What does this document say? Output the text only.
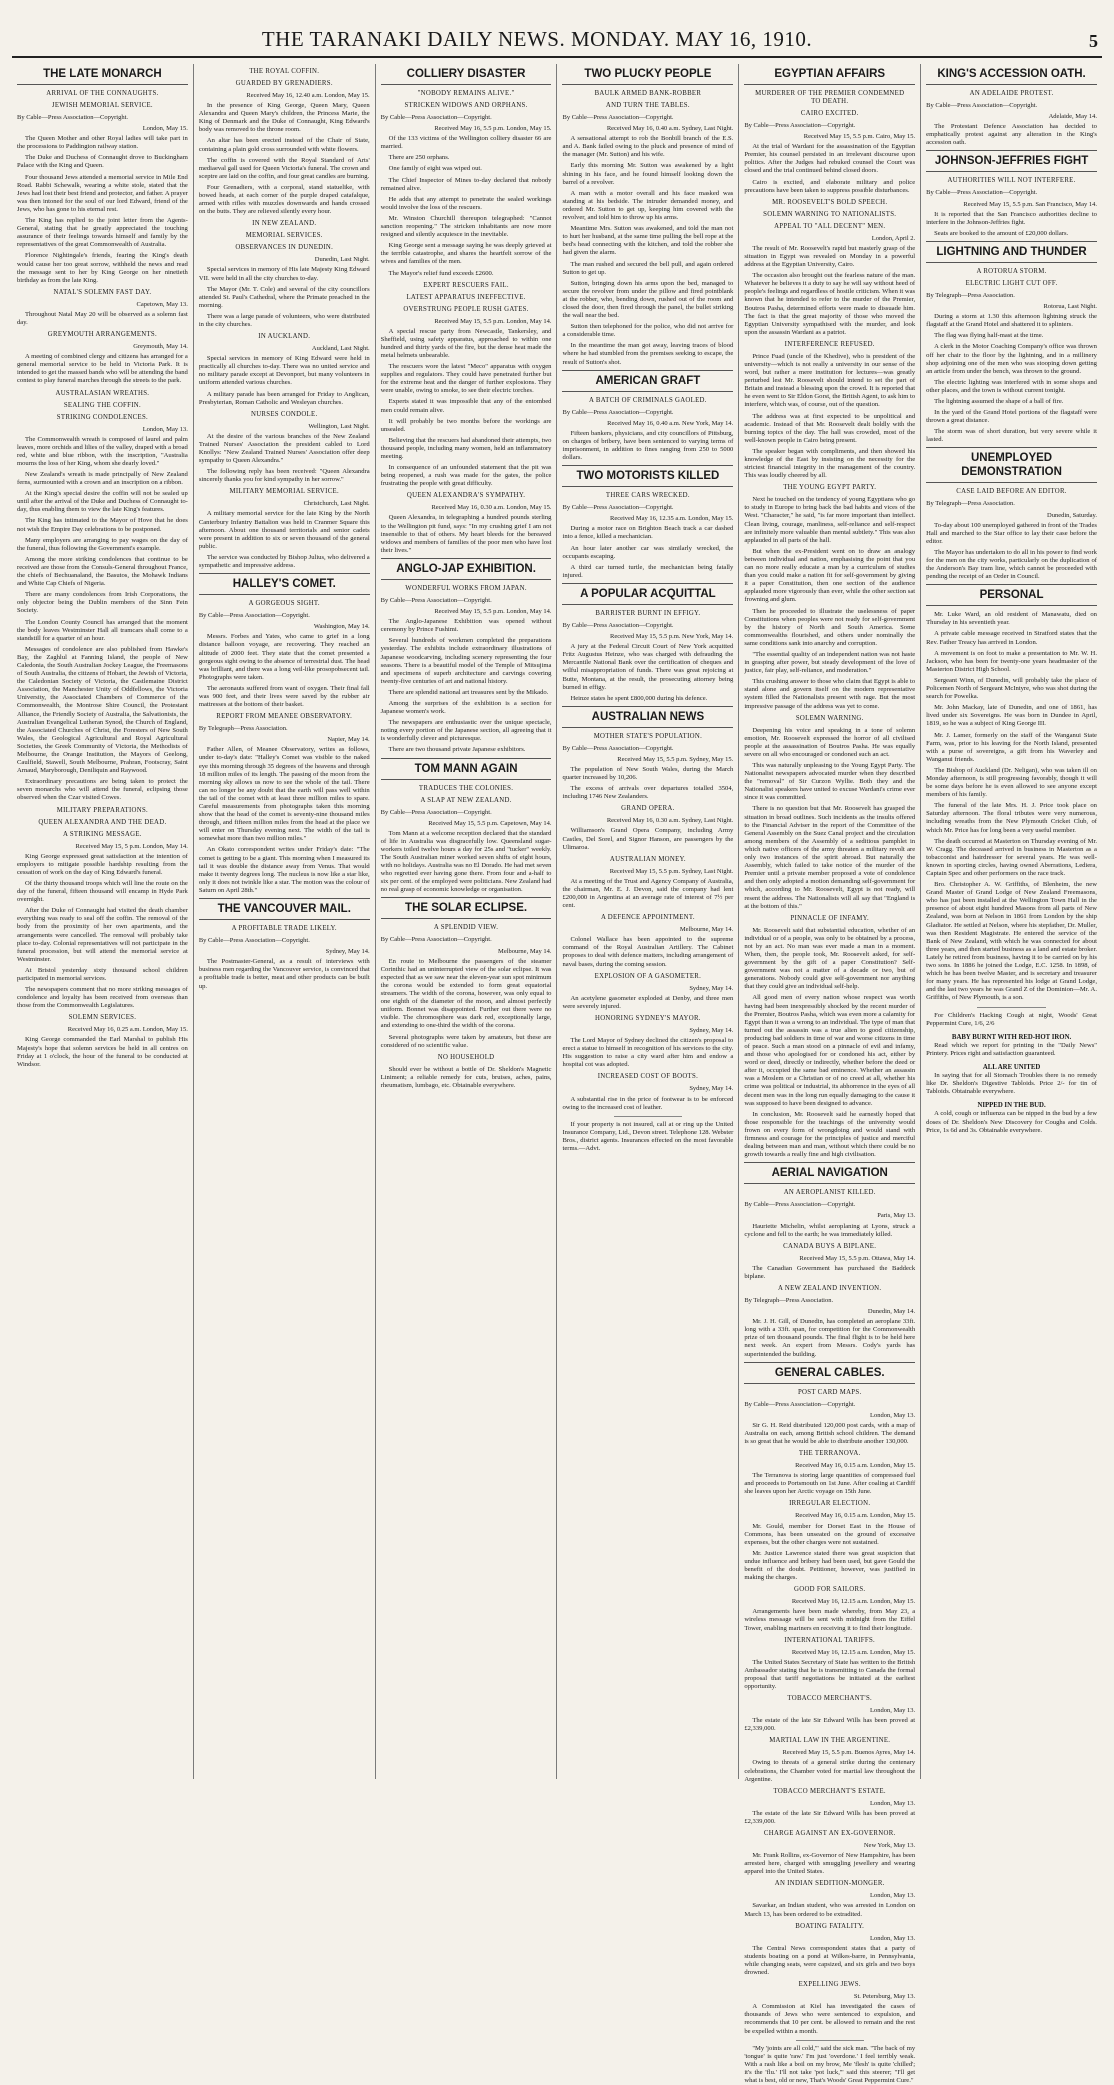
THE TARANAKI DAILY NEWS. MONDAY. MAY 16, 1910.	5
THE LATE MONARCH
ARRIVAL OF THE CONNAUGHTS.
JEWISH MEMORIAL SERVICE.
By Cable—Press Association—Copyright.
London, May 15.

The Queen Mother and other Royal ladies will take part in the processions to Paddington railway station.

The Duke and Duchess of Connaught drove to Buckingham Palace with the King and Queen.

Four thousand Jews attended a memorial service in Mile End Road. Rabbi Schewalk, wearing a white stole, stated that the Jews had lost their best friend and protector, and father. A prayer was then intoned for the soul of our lord Edward, friend of the Jews, who has gone to his eternal rest.

The King has replied to the joint letter from the Agents-General, stating that he greatly appreciated the touching assurance of their feelings towards himself and family by the representatives of the great Commonwealth of Australia.

Florence Nightingale's friends, fearing the King's death would cause her too great sorrow, withheld the news and read the message sent to her by King George on her ninetieth birthday as from the late King.

NATAL'S SOLEMN FAST DAY.
Capetown, May 13.

Throughout Natal May 20 will be observed as a solemn fast day.

GREYMOUTH ARRANGEMENTS.
Greymouth, May 14.

A meeting of combined clergy and citizens has arranged for a general memorial service to be held in Victoria Park. It is intended to get the massed bands who will be attending the band contest to play funeral marches through the streets to the park.

AUSTRALASIAN WREATHS.
SEALING THE COFFIN.
STRIKING CONDOLENCES.
London, May 13.

The Commonwealth wreath is composed of laurel and palm leaves, more orchids and lilies of the valley, draped with a broad red, white and blue ribbon, with the inscription, "Australia mourns the loss of her King, whom she dearly loved."

New Zealand's wreath is made principally of New Zealand ferns, surmounted with a crown and an inscription on a ribbon.

At the King's special desire the coffin will not be sealed up until after the arrival of the Duke and Duchess of Connaught to-day, thus enabling them to view the late King's features.

The King has intimated to the Mayor of Hove that he does not wish the Empire Day celebrations to be postponed.

Many employers are arranging to pay wages on the day of the funeral, thus following the Government's example.

Among the more striking condolences that continue to be received are those from the Consuls-General throughout France, the chiefs of Bechuanaland, the Basutos, the Mohawk Indians and White Cap Chiefs of Nigeria.

There are many condolences from Irish Corporations, the only objector being the Dublin members of the Sinn Fein Society.

The London County Council has arranged that the moment the body leaves Westminster Hall all tramcars shall come to a standstill for a quarter of an hour.

Messages of condolence are also published from Hawke's Bay, the Zaghlul at Fanning Island, the people of New Caledonia, the South Australian Jockey League, the Freemasons of South Australia, the citizens of Hobart, the Jewish of Victoria, the Caledonian Society of Victoria, the Castlemaine District Association, the Manchester Unity of Oddfellows, the Victoria University, the Associated Chambers of Commerce of the Commonwealth, the Montrose Shire Council, the Protestant Alliance, the Friendly Society of Australia, the Salvationists, the Australian Evangelical Lutheran Synod, the Church of England, the Associated Churches of Christ, the Foresters of New South Wales, the Geological Agricultural and Royal Agricultural Societies, the Greek Community of Victoria, the Methodists of Melbourne, the Orange Institution, the Mayors of Geelong, Caulfield, Stawell, South Melbourne, Prahran, Footscray, Saint Arnaud, Maryborough, Deniliquin and Raywood.

Extraordinary precautions are being taken to protect the seven monarchs who will attend the funeral, eclipsing those observed when the Czar visited Cowes.

MILITARY PREPARATIONS.
QUEEN ALEXANDRA AND THE DEAD.
A STRIKING MESSAGE.
Received May 15, 5 p.m. London, May 14.

King George expressed great satisfaction at the intention of employers to mitigate possible hardship resulting from the cessation of work on the day of King Edward's funeral.

Of the thirty thousand troops which will line the route on the day of the funeral, fifteen thousand will encamp in Hyde Park overnight.

After the Duke of Connaught had visited the death chamber everything was ready to seal off the coffin. The removal of the body from the proximity of her own apartments, and the arrangements were cancelled. The removal will probably take place to-day. Colonial representatives will not participate in the funeral procession, but will attend the memorial service at Westminster.

At Bristol yesterday sixty thousand school children participated in memorial services.

The newspapers comment that no more striking messages of condolence and loyalty has been received from overseas than those from the Commonwealth Legislatures.

SOLEMN SERVICES.
Received May 16, 0.25 a.m. London, May 15.

King George commanded the Earl Marshal to publish His Majesty's hope that solemn services be held in all centres on Friday at 1 o'clock, the hour of the funeral to be conducted at Windsor.

THE ROYAL COFFIN.
GUARDED BY GRENADIERS.
Received May 16, 12.40 a.m. London, May 15.

In the presence of King George, Queen Mary, Queen Alexandra and Queen Mary's children, the Princess Marie, the King of Denmark and the Duke of Connaught, King Edward's body was removed to the throne room.

An altar has been erected instead of the Chair of State, containing a plain gold cross surrounded with white flowers.

The coffin is covered with the Royal Standard of Arts' mediaeval gall used for Queen Victoria's funeral. The crown and sceptre are laid on the coffin, and four great candles are burning.

Four Grenadiers, with a corporal, stand statuelike, with bowed heads, at each corner of the purple draped catafalque, armed with rifles with muzzles downwards and hands crossed on the butts. They are relieved silently every hour.

IN NEW ZEALAND.
MEMORIAL SERVICES.
OBSERVANCES IN DUNEDIN.
Dunedin, Last Night.

Special services in memory of His late Majesty King Edward VII. were held in all the city churches to-day.

The Mayor (Mr. T. Cole) and several of the city councillors attended St. Paul's Cathedral, where the Primate preached in the morning.

There was a large parade of volunteers, who were distributed in the city churches.

IN AUCKLAND.
Auckland, Last Night.

Special services in memory of King Edward were held in practically all churches to-day. There was no united service and no military parade except at Devonport, but many volunteers in uniform attended various churches.

A military parade has been arranged for Friday to Anglican, Presbyterian, Roman Catholic and Wesleyan churches.

NURSES CONDOLE.
Wellington, Last Night.

At the desire of the various branches of the New Zealand Trained Nurses' Association the president cabled to Lord Knollys: "New Zealand Trained Nurses' Association offer deep sympathy to Queen Alexandra."

The following reply has been received: "Queen Alexandra sincerely thanks you for kind sympathy in her sorrow."

MILITARY MEMORIAL SERVICE.
Christchurch, Last Night.

A military memorial service for the late King by the North Canterbury Infantry Battalion was held in Cranmer Square this afternoon. About one thousand territorials and senior cadets were present in addition to six or seven thousand of the general public.

The service was conducted by Bishop Julius, who delivered a sympathetic and impressive address.

HALLEY'S COMET.
A GORGEOUS SIGHT.
By Cable—Press Association—Copyright.
Washington, May 14.

Messrs. Forbes and Yates, who came to grief in a long distance balloon voyage, are recovering. They reached an altitude of 2000 feet. They state that the comet presented a gorgeous sight owing to the absence of terrestrial dust. The head was brilliant, and there was a long veil-like prosopobsecent tail. Photographs were taken.

The aeronauts suffered from want of oxygen. Their final fall was 900 feet, and their lives were saved by the rubber air mattresses at the bottom of their basket.

REPORT FROM MEANEE OBSERVATORY.
By Telegraph—Press Association.
Napier, May 14.

Father Allen, of Meanee Observatory, writes as follows, under to-day's date: "Halley's Comet was visible to the naked eye this morning through 35 degrees of the heavens and through 18 million miles of its length. The passing of the moon from the morning sky allows us now to see the whole of the tail. There can no longer be any doubt that the earth will pass well within the tail of the comet with at least three million miles to spare. Careful measurements from photographs taken this morning show that the head of the comet is seventy-nine thousand miles through, and fifteen million miles from the head at the place we will enter on Thursday evening next. The width of the tail is somewhat more than two million miles."

An Okato correspondent writes under Friday's date: "The comet is getting to be a giant. This morning when I measured its tail it was double the distance away from Venus. That would make it twenty degrees long. The nucleus is now like a star like, only it does not twinkle like a star. The motion was the colour of Saturn on April 28th."

THE VANCOUVER MAIL.
A PROFITABLE TRADE LIKELY.
By Cable—Press Association—Copyright.
Sydney, May 14.

The Postmaster-General, as a result of interviews with business men regarding the Vancouver service, is convinced that a profitable trade is better, meat and other products can be built up.

COLLIERY DISASTER
"NOBODY REMAINS ALIVE."
STRICKEN WIDOWS AND ORPHANS.
By Cable—Press Association—Copyright.
Received May 16, 5.5 p.m. London, May 15.

Of the 133 victims of the Wellington colliery disaster 66 are married.

There are 250 orphans.

One family of eight was wiped out.

The Chief Inspector of Mines to-day declared that nobody remained alive.

He adds that any attempt to penetrate the sealed workings would involve the loss of the rescuers.

Mr. Winston Churchill thereupon telegraphed: "Cannot sanction reopening." The stricken inhabitants are now more resigned and silently acquiesce in the inevitable.

King George sent a message saying he was deeply grieved at the terrible catastrophe, and shares the heartfelt sorrow of the wives and families of the men.

The Mayor's relief fund exceeds £2600.

EXPERT RESCUERS FAIL.
LATEST APPARATUS INEFFECTIVE.
OVERSTRUNG PEOPLE RUSH GATES.
Received May 15, 5.5 p.m. London, May 14.

A special rescue party from Newcastle, Tankersley, and Sheffield, using safety apparatus, approached to within one hundred and thirty yards of the fire, but the dense heat made the metal helmets unbearable.

The rescuers wore the latest "Meco" apparatus with oxygen supplies and regulators. They could have penetrated further but for the extreme heat and the danger of further explosions. They were unable, owing to smoke, to see their electric torches.

Experts stated it was impossible that any of the entombed men could remain alive.

It will probably be two months before the workings are unsealed.

Believing that the rescuers had abandoned their attempts, two thousand people, including many women, held an inflammatory meeting.

In consequence of an unfounded statement that the pit was being reopened, a rush was made for the gates, the police frustrating the people with great difficulty.

QUEEN ALEXANDRA'S SYMPATHY.
Received May 16, 0.30 a.m. London, May 15.

Queen Alexandra, in telegraphing a hundred pounds sterling to the Wellington pit fund, says: "In my crushing grief I am not insensible to that of others. My heart bleeds for the bereaved widows and members of families of the poor men who have lost their lives."

ANGLO-JAP EXHIBITION.
WONDERFUL WORKS FROM JAPAN.
By Cable—Press Association—Copyright.
Received May 15, 5.5 p.m. London, May 14.

The Anglo-Japanese Exhibition was opened without ceremony by Prince Fushimi.

Several hundreds of workmen completed the preparations yesterday. The exhibits include extraordinary illustrations of Japanese woodcarving, including scenery representing the four seasons. There is a beautiful model of the Temple of Mitsujima and specimens of superb architecture and carvings covering twenty-five centuries of art and national history.

There are splendid national art treasures sent by the Mikado.

Among the surprises of the exhibition is a section for Japanese women's work.

The newspapers are enthusiastic over the unique spectacle, noting every portion of the Japanese section, all agreeing that it is wonderfully clever and picturesque.

There are two thousand private Japanese exhibitors.

TOM MANN AGAIN
TRADUCES THE COLONIES.
A SLAP AT NEW ZEALAND.
By Cable—Press Association—Copyright.
Received May 15, 5.5 p.m. Capetown, May 14.

Tom Mann at a welcome reception declared that the standard of life in Australia was disgracefully low. Queensland sugar-workers toiled twelve hours a day for 25s and "tucker" weekly. The South Australian miner worked seven shifts of eight hours, with no holidays. Australia was no El Dorado. He had met seven who regretted ever having gone there. From four and a-half to six per cent. of the employed were politicians. New Zealand had no real grasp of economic knowledge or organisation.

THE SOLAR ECLIPSE.
A SPLENDID VIEW.
By Cable—Press Association—Copyright.
Melbourne, May 14.

En route to Melbourne the passengers of the steamer Corinthic had an uninterrupted view of the solar eclipse. It was expected that as we saw near the eleven-year sun spot minimum the corona would be extended to form great equatorial streamers. The width of the corona, however, was only equal to one eighth of the diameter of the moon, and almost perfectly uniform. Bonnet was disappointed. Further out there were no visible. The chromosphere was dark red, exceptionally large, and extending to one-third the width of the corona.

Several photographs were taken by amateurs, but these are considered of no scientific value.

NO HOUSEHOLD

Should ever be without a bottle of Dr. Sheldon's Magnetic Liniment; a reliable remedy for cuts, bruises, aches, pains, rheumatism, lumbago, etc. Obtainable everywhere.

TWO PLUCKY PEOPLE
BAULK ARMED BANK-ROBBER
AND TURN THE TABLES.
By Cable—Press Association—Copyright.
Received May 16, 0.40 a.m. Sydney, Last Night.

A sensational attempt to rob the Bonbill branch of the E.S. and A. Bank failed owing to the pluck and presence of mind of the manager (Mr. Sutton) and his wife.

Early this morning Mr. Sutton was awakened by a light shining in his face, and he found himself looking down the barrel of a revolver.

A man with a motor overall and his face masked was standing at his bedside. The intruder demanded money, and ordered Mr. Sutton to get up, keeping him covered with the revolver, and told him to throw up his arms.

Meantime Mrs. Sutton was awakened, and told the man not to hurt her husband, at the same time pulling the bell rope at the bed's head connecting with the kitchen, and told the robber she had given the alarm.

The man rushed and secured the bell pull, and again ordered Sutton to get up.

Sutton, bringing down his arms upon the bed, managed to secure the revolver from under the pillow and fired pointblank at the robber, who, bending down, rushed out of the room and closed the door, then fired through the panel, the bullet striking the wall near the bed.

Sutton then telephoned for the police, who did not arrive for a considerable time.

In the meantime the man got away, leaving traces of blood where he had stumbled from the premises seeking to escape, the result of Sutton's shot.

AMERICAN GRAFT
A BATCH OF CRIMINALS GAOLED.
By Cable—Press Association—Copyright.
Received May 16, 0.40 a.m. New York, May 14.

Fifteen bankers, physicians, and city councillors of Pittsburg, on charges of bribery, have been sentenced to varying terms of imprisonment, in addition to fines ranging from 250 to 5000 dollars.

TWO MOTORISTS KILLED
THREE CARS WRECKED.
By Cable—Press Association—Copyright.
Received May 16, 12.35 a.m. London, May 15.

During a motor race on Brighton Beach track a car dashed into a fence, killed a mechanician.

An hour later another car was similarly wrecked, the occupants escaping.

A third car turned turtle, the mechanician being fatally injured.

A POPULAR ACQUITTAL
BARRISTER BURNT IN EFFIGY.
By Cable—Press Association—Copyright.
Received May 15, 5.5 p.m. New York, May 14.

A jury at the Federal Circuit Court of New York acquitted Fritz Augustus Heinze, who was charged with defrauding the Mercantile National Bank over the certification of cheques and wilful misappropriation of funds. There was great rejoicing at Butte, Montana, at the result, the prosecuting attorney being burned in effigy.

Heinze states he spent £800,000 during his defence.

AUSTRALIAN NEWS
MOTHER STATE'S POPULATION.
By Cable—Press Association—Copyright.
Received May 15, 5.5 p.m. Sydney, May 15.

The population of New South Wales, during the March quarter increased by 10,206.

The excess of arrivals over departures totalled 3504, including 1746 New Zealanders.

GRAND OPERA.
Received May 16, 0.30 a.m. Sydney, Last Night.

Williamson's Grand Opera Company, including Army Castles, Del Sorel, and Signor Hanson, are passengers by the Ulimaroa.

AUSTRALIAN MONEY.
Received May 15, 5.5 p.m. Sydney, Last Night.

At a meeting of the Trust and Agency Company of Australia, the chairman, Mr. E. J. Devon, said the company had lent £200,000 in Argentina at an average rate of interest of 7½ per cent.

A DEFENCE APPOINTMENT.
Melbourne, May 14.

Colonel Wallace has been appointed to the supreme command of the Royal Australian Artillery. The Cabinet proposes to deal with defence matters, including arrangement of naval bases, during the coming session.

EXPLOSION OF A GASOMETER.
Sydney, May 14.

An acetylene gasometer exploded at Denby, and three men were severely injured.

HONORING SYDNEY'S MAYOR.
Sydney, May 14.

The Lord Mayor of Sydney declined the citizen's proposal to erect a statue to himself in recognition of his services to the city. His suggestion to raise a city ward after him and endow a hospital cot was adopted.

INCREASED COST OF BOOTS.
Sydney, May 14.

A substantial rise in the price of footwear is to be enforced owing to the increased cost of leather.

If your property is not insured, call at or ring up the United Insurance Company, Ltd., Devon street. Telephone 128. Webster Bros., district agents. Insurances effected on the most favorable terms.—Advt.

EGYPTIAN AFFAIRS
MURDERER OF THE PREMIER CONDEMNED TO DEATH.
CAIRO EXCITED.
By Cable—Press Association—Copyright.
Received May 15, 5.5 p.m. Cairo, May 15.

At the trial of Wardani for the assassination of the Egyptian Premier, his counsel persisted in an irrelevant discourse upon politics. After the Judges had rebuked counsel the Court was closed and the trial continued behind closed doors.

Cairo is excited, and elaborate military and police precautions have been taken to suppress possible disturbances.

MR. ROOSEVELT'S BOLD SPEECH.
SOLEMN WARNING TO NATIONALISTS.
APPEAL TO "ALL DECENT" MEN.
London, April 2.

The result of Mr. Roosevelt's rapid but masterly grasp of the situation in Egypt was revealed on Monday in a powerful address at the Egyptian University, Cairo.

The occasion also brought out the fearless nature of the man. Whatever he believes it a duty to say he will say without heed of people's feelings and regardless of hostile criticism. When it was known that he intended to refer to the murder of the Premier, Boutros Pasha, determined efforts were made to dissuade him. The fact is that the great majority of those who moved the Egyptian University sympathised with the murder, and look upon the assassin Wardani as a patriot.

INTERFERENCE REFUSED.

Prince Fuad (uncle of the Khedive), who is president of the university—which is not really a university in our sense of the word, but rather a mere institution for lectures—was greatly perturbed lest Mr. Roosevelt should intend to set the part of Britain and instead a blessing upon the crowd. It is reported that he even went to Sir Eldon Gorst, the British Agent, to ask him to interfere, which was, of course, out of the question.

The address was at first expected to be unpolitical and academic. Instead of that Mr. Roosevelt dealt boldly with the burning topics of the day. The hall was crowded, most of the well-known people in Cairo being present.

The speaker began with compliments, and then showed his knowledge of the East by insisting on the necessity for the strictest financial integrity in the management of the country. This was loudly cheered by all.

THE YOUNG EGYPT PARTY.

Next he touched on the tendency of young Egyptians who go to study in Europe to bring back the bad habits and vices of the West. "Character," he said, "is far more important than intellect. Clean living, courage, manliness, self-reliance and self-respect are infinitely more valuable than mental subtlety." This was also applauded in all parts of the hall.

But when the ex-President went on to draw an analogy between individual and nation, emphasising the point that you can no more really educate a man by a curriculum of studies than you could make a nation fit for self-government by giving it a paper Constitution, then one section of the audience applauded more vigorously than ever, while the other section sat frowning and glum.

Then he proceeded to illustrate the uselessness of paper Constitutions when peoples were not ready for self-government by the history of North and South America. Some commonwealths flourished, and others under nominally the same conditions sank into anarchy and corruption.

"The essential quality of an independent nation was not haste in grasping after power, but steady development of the love of justice, fair play, self-reliance, and moderation."

This crushing answer to those who claim that Egypt is able to stand alone and govern itself on the modern representative system filled the Nationalists present with rage. But the most impressive passage of the address was yet to come.

SOLEMN WARNING.

Deepening his voice and speaking in a tone of solemn emotion, Mr. Roosevelt expressed the horror of all civilised people at the assassination of Boutros Pasha. He was equally severe on all who encouraged or condoned such an act.

This was naturally unpleasing to the Young Egypt Party. The Nationalist newspapers advocated murder when they described the "removal" of Sir Curzon Wyllie. Both they and the Nationalist speakers have united to excuse Wardani's crime ever since it was committed.

There is no question but that Mr. Roosevelt has grasped the situation in broad outlines. Such incidents as the insults offered to the Financial Adviser in the report of the Committee of the General Assembly on the Suez Canal project and the circulation among members of the Assembly of a seditious pamphlet in which native officers of the army threaten a military revolt are only two instances of the spirit abroad. But naturally the Assembly, which failed to take notice of the murder of the Premier until a private member proposed a vote of condolence and then only adopted a motion demanding self-government for which, according to Mr. Roosevelt, Egypt is not ready, will resent the address. The Nationalists will all say that "England is at the bottom of this."

PINNACLE OF INFAMY.

Mr. Roosevelt said that substantial education, whether of an individual or of a people, was only to be obtained by a process, not by an act. No man was ever made a man in a moment. When, then, the people took, Mr. Roosevelt asked, for self-government by the gift of a paper Constitution? Self-government was not a matter of a decade or two, but of generations. Nobody could give self-government nor anything that they could give an individual self-help.

All good men of every nation whose respect was worth having had been inexpressibly shocked by the recent murder of the Premier, Boutros Pasha, which was even more a calamity for Egypt than it was a wrong to an individual. The type of man that turned out the assassin was a true alien to good citizenship, producing bad soldiers in time of war and worse citizens in time of peace. Such a man stood on a pinnacle of evil and infamy, and those who apologised for or condoned his act, either by word or deed, directly or indirectly, whether before the deed or after it, occupied the same bad eminence. Whether an assassin was a Moslem or a Christian or of no creed at all, whether his crime was political or industrial, its abhorrence in the eyes of all decent men was in the long run equally damaging to the cause it was supposed to have been designed to advance.

In conclusion, Mr. Roosevelt said he earnestly hoped that those responsible for the teachings of the university would frown on every form of wrongdoing and would stand with firmness and courage for the principles of justice and merciful dealing between man and man, without which there could be no growth towards a really fine and high civilisation.

AERIAL NAVIGATION
AN AEROPLANIST KILLED.
By Cable—Press Association—Copyright.
Paris, May 13.

Hauriette Michelin, whilst aeroplaning at Lyons, struck a cyclone and fell to the earth; he was immediately killed.

CANADA BUYS A BIPLANE.
Received May 15, 5.5 p.m. Ottawa, May 14.

The Canadian Government has purchased the Baddeck biplane.

A NEW ZEALAND INVENTION.
By Telegraph—Press Association.
Dunedin, May 14.

Mr. J. H. Gill, of Dunedin, has completed an aeroplane 33ft. long with a 33ft. span, for competition for the Commonwealth prize of ten thousand pounds. The final flight is to be held here next week. An expert from Messrs. Cody's yards has superintended the building.

GENERAL CABLES.
POST CARD MAPS.
By Cable—Press Association—Copyright.
London, May 13.

Sir G. H. Reid distributed 120,000 post cards, with a map of Australia on each, among British school children. The demand is so great that he would be able to distribute another 130,000.

THE TERRANOVA.
Received May 16, 0.15 a.m. London, May 15.

The Terranova is storing large quantities of compressed fuel and proceeds to Portsmouth on 1st June. After coaling at Cardiff she leaves upon her Arctic voyage on 15th June.

IRREGULAR ELECTION.
Received May 16, 0.15 a.m. London, May 15.

Mr. Gould, member for Dorset East in the House of Commons, has been unseated on the ground of excessive expenses, but the other charges were not sustained.

Mr. Justice Lawrence stated there was great suspicion that undue influence and bribery had been used, but gave Gould the benefit of the doubt. Petitioner, however, was justified in making the charges.

GOOD FOR SAILORS.
Received May 16, 12.15 a.m. London, May 15.

Arrangements have been made whereby, from May 23, a wireless message will be sent with midnight from the Eiffel Tower, enabling mariners en receiving it to find their longitude.

INTERNATIONAL TARIFFS.
Received May 16, 12.15 a.m. London, May 15.

The United States Secretary of State has written to the British Ambassador stating that he is transmitting to Canada the formal proposal that tariff negotiations be initiated at the earliest opportunity.

TOBACCO MERCHANT'S.
London, May 13.

The estate of the late Sir Edward Wills has been proved at £2,339,000.

MARTIAL LAW IN THE ARGENTINE.
Received May 15, 5.5 p.m. Buenos Ayres, May 14.

Owing to threats of a general strike during the centenary celebrations, the Chamber voted for martial law throughout the Argentine.

TOBACCO MERCHANT'S ESTATE.
London, May 13.

The estate of the late Sir Edward Wills has been proved at £2,339,000.

CHARGE AGAINST AN EX-GOVERNOR.
New York, May 13.

Mr. Frank Rollins, ex-Governor of New Hampshire, has been arrested here, charged with smuggling jewellery and wearing apparel into the United States.

AN INDIAN SEDITION-MONGER.
London, May 13.

Savarkar, an Indian student, who was arrested in London on March 13, has been ordered to be extradited.

BOATING FATALITY.
London, May 13.

The Central News correspondent states that a party of students boating on a pond at Wilkes-barre, in Pennsylvania, while changing seats, were capsized, and six girls and two boys drowned.

EXPELLING JEWS.
St. Petersburg, May 13.

A Commission at Kiel has investigated the cases of thousands of Jews who were sentenced to expulsion, and recommends that 10 per cent. be allowed to remain and the rest be expelled within a month.

"My 'joints are all cold,'" said the sick man. "The back of my 'tongue' is quite 'raw.' I'm just 'overdone.' I feel terribly weak. With a rash like a boil on my brow, Me 'flesh' is quite 'chilled'; it's the 'flu.' I'll not take 'pot luck,'" said this steerer; "I'll get what is best, old or new, That's Woods' Great Peppermint Cure."

KING'S ACCESSION OATH.
AN ADELAIDE PROTEST.
By Cable—Press Association—Copyright.
Adelaide, May 14.

The Protestant Defence Association has decided to emphatically protest against any alteration in the King's accession oath.

JOHNSON-JEFFRIES FIGHT
AUTHORITIES WILL NOT INTERFERE.
By Cable—Press Association—Copyright.
Received May 15, 5.5 p.m. San Francisco, May 14.

It is reported that the San Francisco authorities decline to interfere in the Johnson-Jeffries fight.

Seats are booked to the amount of £20,000 dollars.

LIGHTNING AND THUNDER
A ROTORUA STORM.
ELECTRIC LIGHT CUT OFF.
By Telegraph—Press Association.
Rotorua, Last Night.

During a storm at 1.30 this afternoon lightning struck the flagstaff at the Grand Hotel and shattered it to splinters.

The flag was flying half-mast at the time.

A clerk in the Motor Coaching Company's office was thrown off her chair to the floor by the lightning, and in a millinery shop adjoining one of the men who was stooping down getting an article from under the bench, was thrown to the ground.

The electric lighting was interfered with in some shops and other places, and the town is without current tonight.

The lightning assumed the shape of a ball of fire.

In the yard of the Grand Hotel portions of the flagstaff were thrown a great distance.

The storm was of short duration, but very severe while it lasted.

UNEMPLOYED DEMONSTRATION
CASE LAID BEFORE AN EDITOR.
By Telegraph—Press Association.
Dunedin, Saturday.

To-day about 100 unemployed gathered in front of the Trades Hall and marched to the Star office to lay their case before the editor.

The Mayor has undertaken to do all in his power to find work for the men on the city works, particularly on the duplication of the Anderson's Bay tram line, which cannot be proceeded with pending the receipt of an Order in Council.

PERSONAL

Mr. Luke Ward, an old resident of Manawatu, died on Thursday in his seventieth year.

A private cable message received in Stratford states that the Rev. Father Treacy has arrived in London.

A movement is on foot to make a presentation to Mr. W. H. Jackson, who has been for twenty-one years headmaster of the Masterton District High School.

Sergeant Winn, of Dunedin, will probably take the place of Policemen North of Sergeant McIntyre, who was shot during the search for Powelka.

Mr. John Mackay, late of Dunedin, and one of 1861, has lived under six Sovereigns. He was born in Dundee in April, 1819, so he was a subject of King George III.

Mr. J. Lamer, formerly on the staff of the Wanganui State Farm, was, prior to his leaving for the North Island, presented with a purse of sovereigns, a gift from his Waverley and Wanganui friends.

The Bishop of Auckland (Dr. Neligan), who was taken ill on Monday afternoon, is still progressing favorably, though it will be some days before he is even allowed to see anyone except members of his family.

The funeral of the late Mrs. H. J. Price took place on Saturday afternoon. The floral tributes were very numerous, including wreaths from the New Plymouth Cricket Club, of which Mr. Price has for long been a very useful member.

The death occurred at Masterton on Thursday evening of Mr. W. Cragg. The deceased arrived in business in Masterton as a tobacconist and hairdresser for several years. He was well-known in sporting circles, having owned Aberrations, Lediera, Captain Spec and other performers on the race track.

Bro. Christopher A. W. Griffiths, of Blenheim, the new Grand Master of Grand Lodge of New Zealand Freemasons, who has just been installed at the Wellington Town Hall in the presence of about eight hundred Masons from all parts of New Zealand, was born at Nelson in 1861 from London by the ship Gladiator. He settled at Nelson, where his stepfather, Dr. Muller, was then Resident Magistrate. He entered the service of the Bank of New Zealand, with which he was connected for about three years, and then started business as a land and estate broker. Lately he retired from business, having it to be carried on by his two sons. In 1886 he joined the Lodge, E.C. 1258. In 1898, of which he has been twelve Master, and is secretary and treasurer for many years. He has represented his lodge at Grand Lodge, and the last two years he was Grand Z of the Dominion—Mr. A. Griffiths, of New Plymouth, is a son.

For Children's Hacking Cough at night, Woods' Great Peppermint Cure, 1/6, 2/6

BABY BURNT WITH RED-HOT IRON.

Read which we report for printing in the "Daily News" Printery. Prices right and satisfaction guaranteed.

ALL ARE UNITED

In saying that for all Stomach Troubles there is no remedy like Dr. Sheldon's Digestive Tabloids. Price 2/- for tin of Tabloids. Obtainable everywhere.

NIPPED IN THE BUD.

A cold, cough or influenza can be nipped in the bud by a few doses of Dr. Sheldon's New Discovery for Coughs and Colds. Price, 1s 6d and 3s. Obtainable everywhere.
